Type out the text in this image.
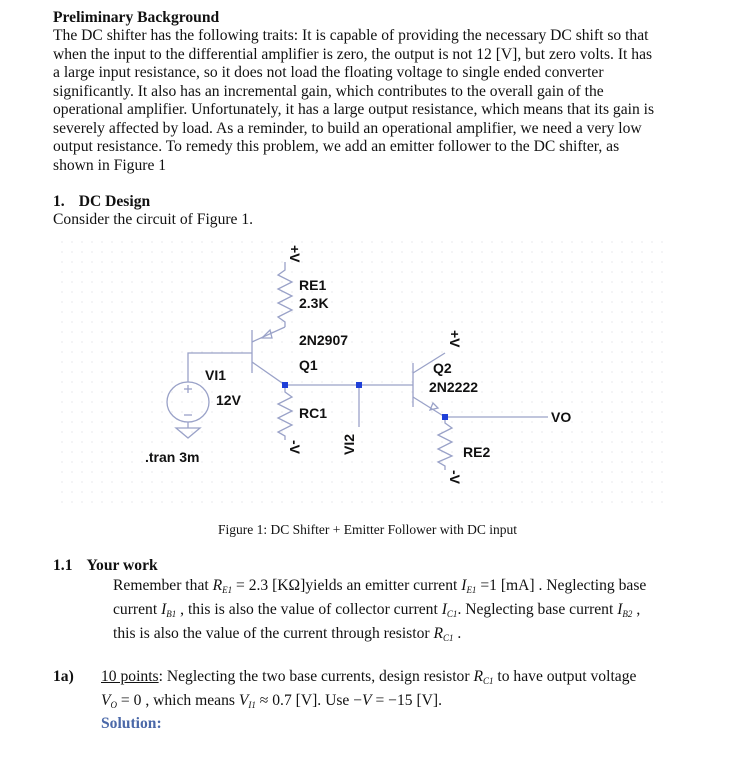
Preliminary Background
The DC shifter has the following traits: It is capable of providing the necessary DC shift so that
when the input to the differential amplifier is zero, the output is not 12 [V], but zero volts. It has
a large input resistance, so it does not load the floating voltage to single ended converter
significantly. It also has an incremental gain, which contributes to the overall gain of the
operational amplifier. Unfortunately, it has a large output resistance, which means that its gain is
severely affected by load. As a reminder, to build an operational amplifier, we need a very low
output resistance. To remedy this problem, we add an emitter follower to the DC shifter, as
shown in Figure 1
1. DC Design
Consider the circuit of Figure 1.
+V
RE1
2.3K
2N2907
Q1
VI1
12V
RC1
-V	VI2
+V
Q2
2N2222
VO
RE2
-V
.tran 3m
Figure 1: DC Shifter + Emitter Follower with DC input
1.1 Your work
Remember that $R_{E1} = 2.3$ [KΩ]yields an emitter current $I_{E1} =1$ [mA] . Neglecting base
current $I_{B1}$ , this is also the value of collector current $I_{C1}$. Neglecting base current $I_{B2}$ ,
this is also the value of the current through resistor $R_{C1}$ .
1a) 10 points: Neglecting the two base currents, design resistor $R_{C1}$ to have output voltage
$V_O = 0$ , which means $V_{I1} \approx 0.7$ [V]. Use −V = −15 [V].
Solution:
